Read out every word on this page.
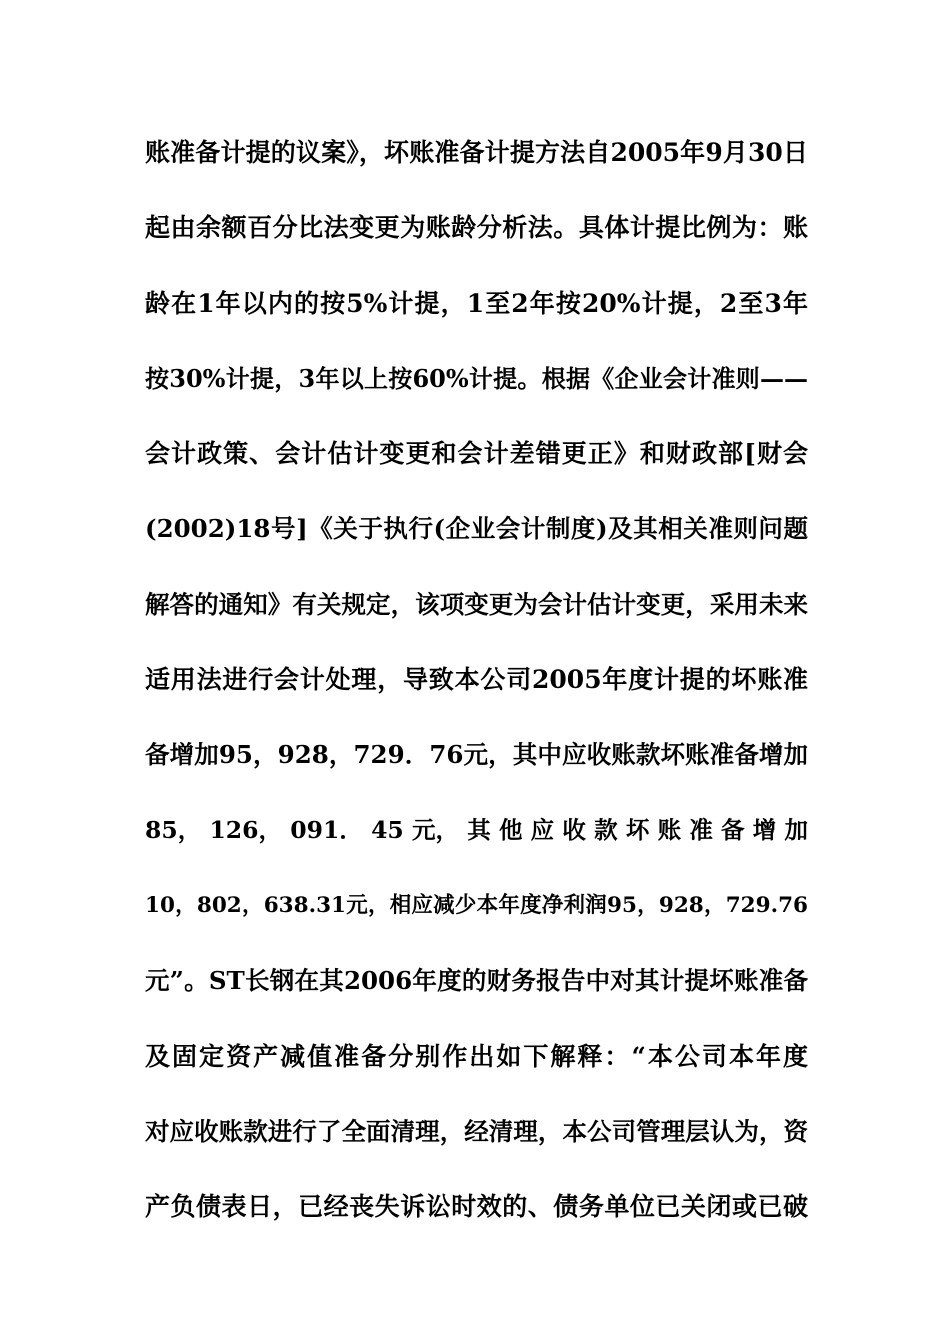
账准备计提的议案》，坏账准备计提方法自2005年9月30日
起由余额百分比法变更为账龄分析法。具体计提比例为：账
龄在1年以内的按5%计提，1至2年按20%计提，2至3年
按30%计提，3年以上按60%计提。根据《企业会计准则——
会计政策、会计估计变更和会计差错更正》和财政部[财会
(2002)18号]《关于执行(企业会计制度)及其相关准则问题
解答的通知》有关规定，该项变更为会计估计变更，采用未来
适用法进行会计处理，导致本公司2005年度计提的坏账准
备增加95，928，729．76元，其中应收账款坏账准备增加
85， 126， 091． 45 元， 其 他 应 收 款 坏 账 准 备 增 加
10，802，638.31元，相应减少本年度净利润95，928，729.76
元”。ST长钢在其2006年度的财务报告中对其计提坏账准备
及固定资产减值准备分别作出如下解释：“本公司本年度
对应收账款进行了全面清理，经清理，本公司管理层认为，资
产负债表日，已经丧失诉讼时效的、债务单位已关闭或已破
